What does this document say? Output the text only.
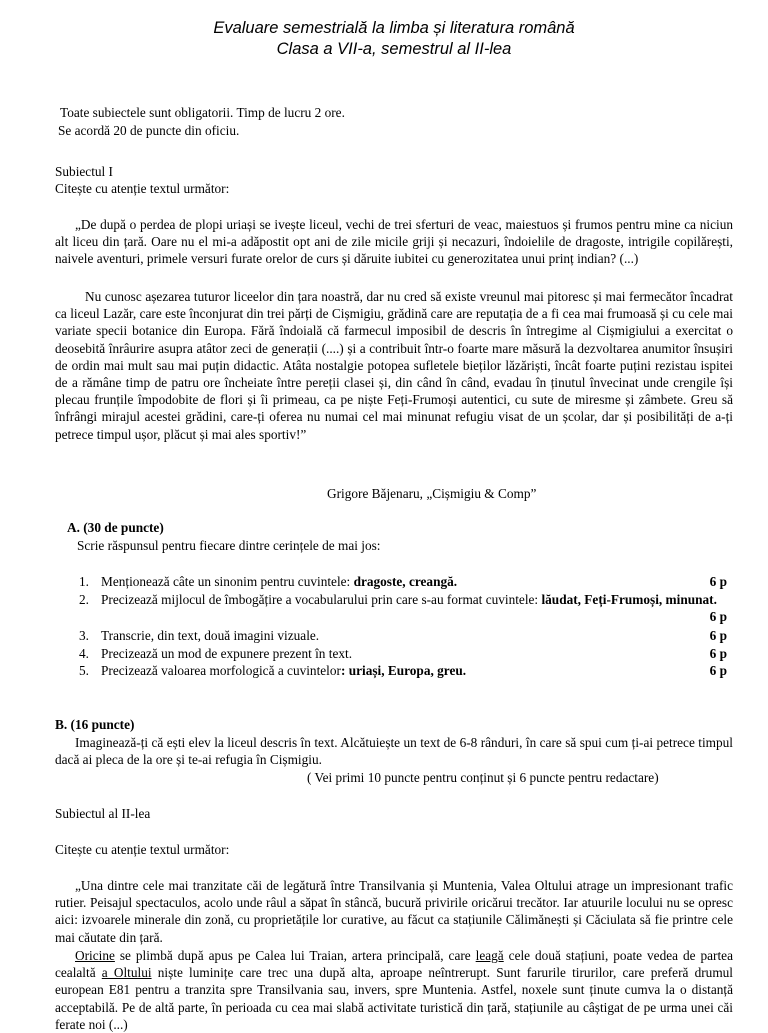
Evaluare semestrială la limba și literatura română
Clasa a VII-a, semestrul al II-lea
Toate subiectele sunt obligatorii. Timp de lucru 2 ore.
Se acordă 20 de puncte din oficiu.
Subiectul I
Citește cu atenție textul următor:
„De după o perdea de plopi uriași se ivește liceul, vechi de trei sferturi de veac, maiestuos și frumos pentru mine ca niciun alt liceu din țară. Oare nu el mi-a adăpostit opt ani de zile micile griji și necazuri, îndoielile de dragoste, intrigile copilărești, naivele aventuri, primele versuri furate orelor de curs și dăruite iubitei cu generozitatea unui prinț indian? (...)
Nu cunosc așezarea tuturor liceelor din țara noastră, dar nu cred să existe vreunul mai pitoresc și mai fermecător încadrat ca liceul Lazăr, care este înconjurat din trei părți de Cișmigiu, grădină care are reputația de a fi cea mai frumoasă și cu cele mai variate specii botanice din Europa. Fără îndoială că farmecul imposibil de descris în întregime al Cișmigiului a exercitat o deosebită înrâurire asupra atâtor zeci de generații (....) și a contribuit într-o foarte mare măsură la dezvoltarea anumitor însușiri de ordin mai mult sau mai puțin didactic. Atâta nostalgie potopea sufletele bieților lăzăriști, încât foarte puțini rezistau ispitei de a rămâne timp de patru ore încheiate între pereții clasei și, din când în când, evadau în ținutul învecinat unde crengile își plecau frunțile împodobite de flori și îi primeau, ca pe niște Feți-Frumoși autentici, cu sute de miresme și zâmbete. Greu să înfrângi mirajul acestei grădini, care-ți oferea nu numai cel mai minunat refugiu visat de un școlar, dar și posibilități de a-ți petrece timpul ușor, plăcut și mai ales sportiv!”
Grigore Băjenaru, „Cișmigiu & Comp”
A. (30 de puncte)
Scrie răspunsul pentru fiecare dintre cerințele de mai jos:
1. Menționează câte un sinonim pentru cuvintele: dragoste, creangă.	6 p
2. Precizează mijlocul de îmbogățire a vocabularului prin care s-au format cuvintele: lăudat, Feți-Frumoși, minunat.
6 p
3. Transcrie, din text, două imagini vizuale.	6 p
4. Precizează un mod de expunere prezent în text.	6 p
5. Precizează valoarea morfologică a cuvintelor: uriași, Europa, greu.	6 p
B. (16 puncte)
Imaginează-ți că ești elev la liceul descris în text. Alcătuiește un text de 6-8 rânduri, în care să spui cum ți-ai petrece timpul dacă ai pleca de la ore și te-ai refugia în Cișmigiu.
( Vei primi 10 puncte pentru conținut și 6 puncte pentru redactare)
Subiectul al II-lea
Citește cu atenție textul următor:
„Una dintre cele mai tranzitate căi de legătură între Transilvania și Muntenia, Valea Oltului atrage un impresionant trafic rutier. Peisajul spectaculos, acolo unde râul a săpat în stâncă, bucură privirile oricărui trecător. Iar atuurile locului nu se opresc aici: izvoarele minerale din zonă, cu proprietățile lor curative, au făcut ca stațiunile Călimănești și Căciulata să fie printre cele mai căutate din țară.
Oricine se plimbă după apus pe Calea lui Traian, artera principală, care leagă cele două stațiuni, poate vedea de partea cealaltă a Oltului niște luminițe care trec una după alta, aproape neîntrerupt. Sunt farurile tirurilor, care preferă drumul european E81 pentru a tranzita spre Transilvania sau, invers, spre Muntenia. Astfel, noxele sunt ținute cumva la o distanță acceptabilă. Pe de altă parte, în perioada cu cea mai slabă activitate turistică din țară, stațiunile au câștigat de pe urma unei căi ferate noi (...)
